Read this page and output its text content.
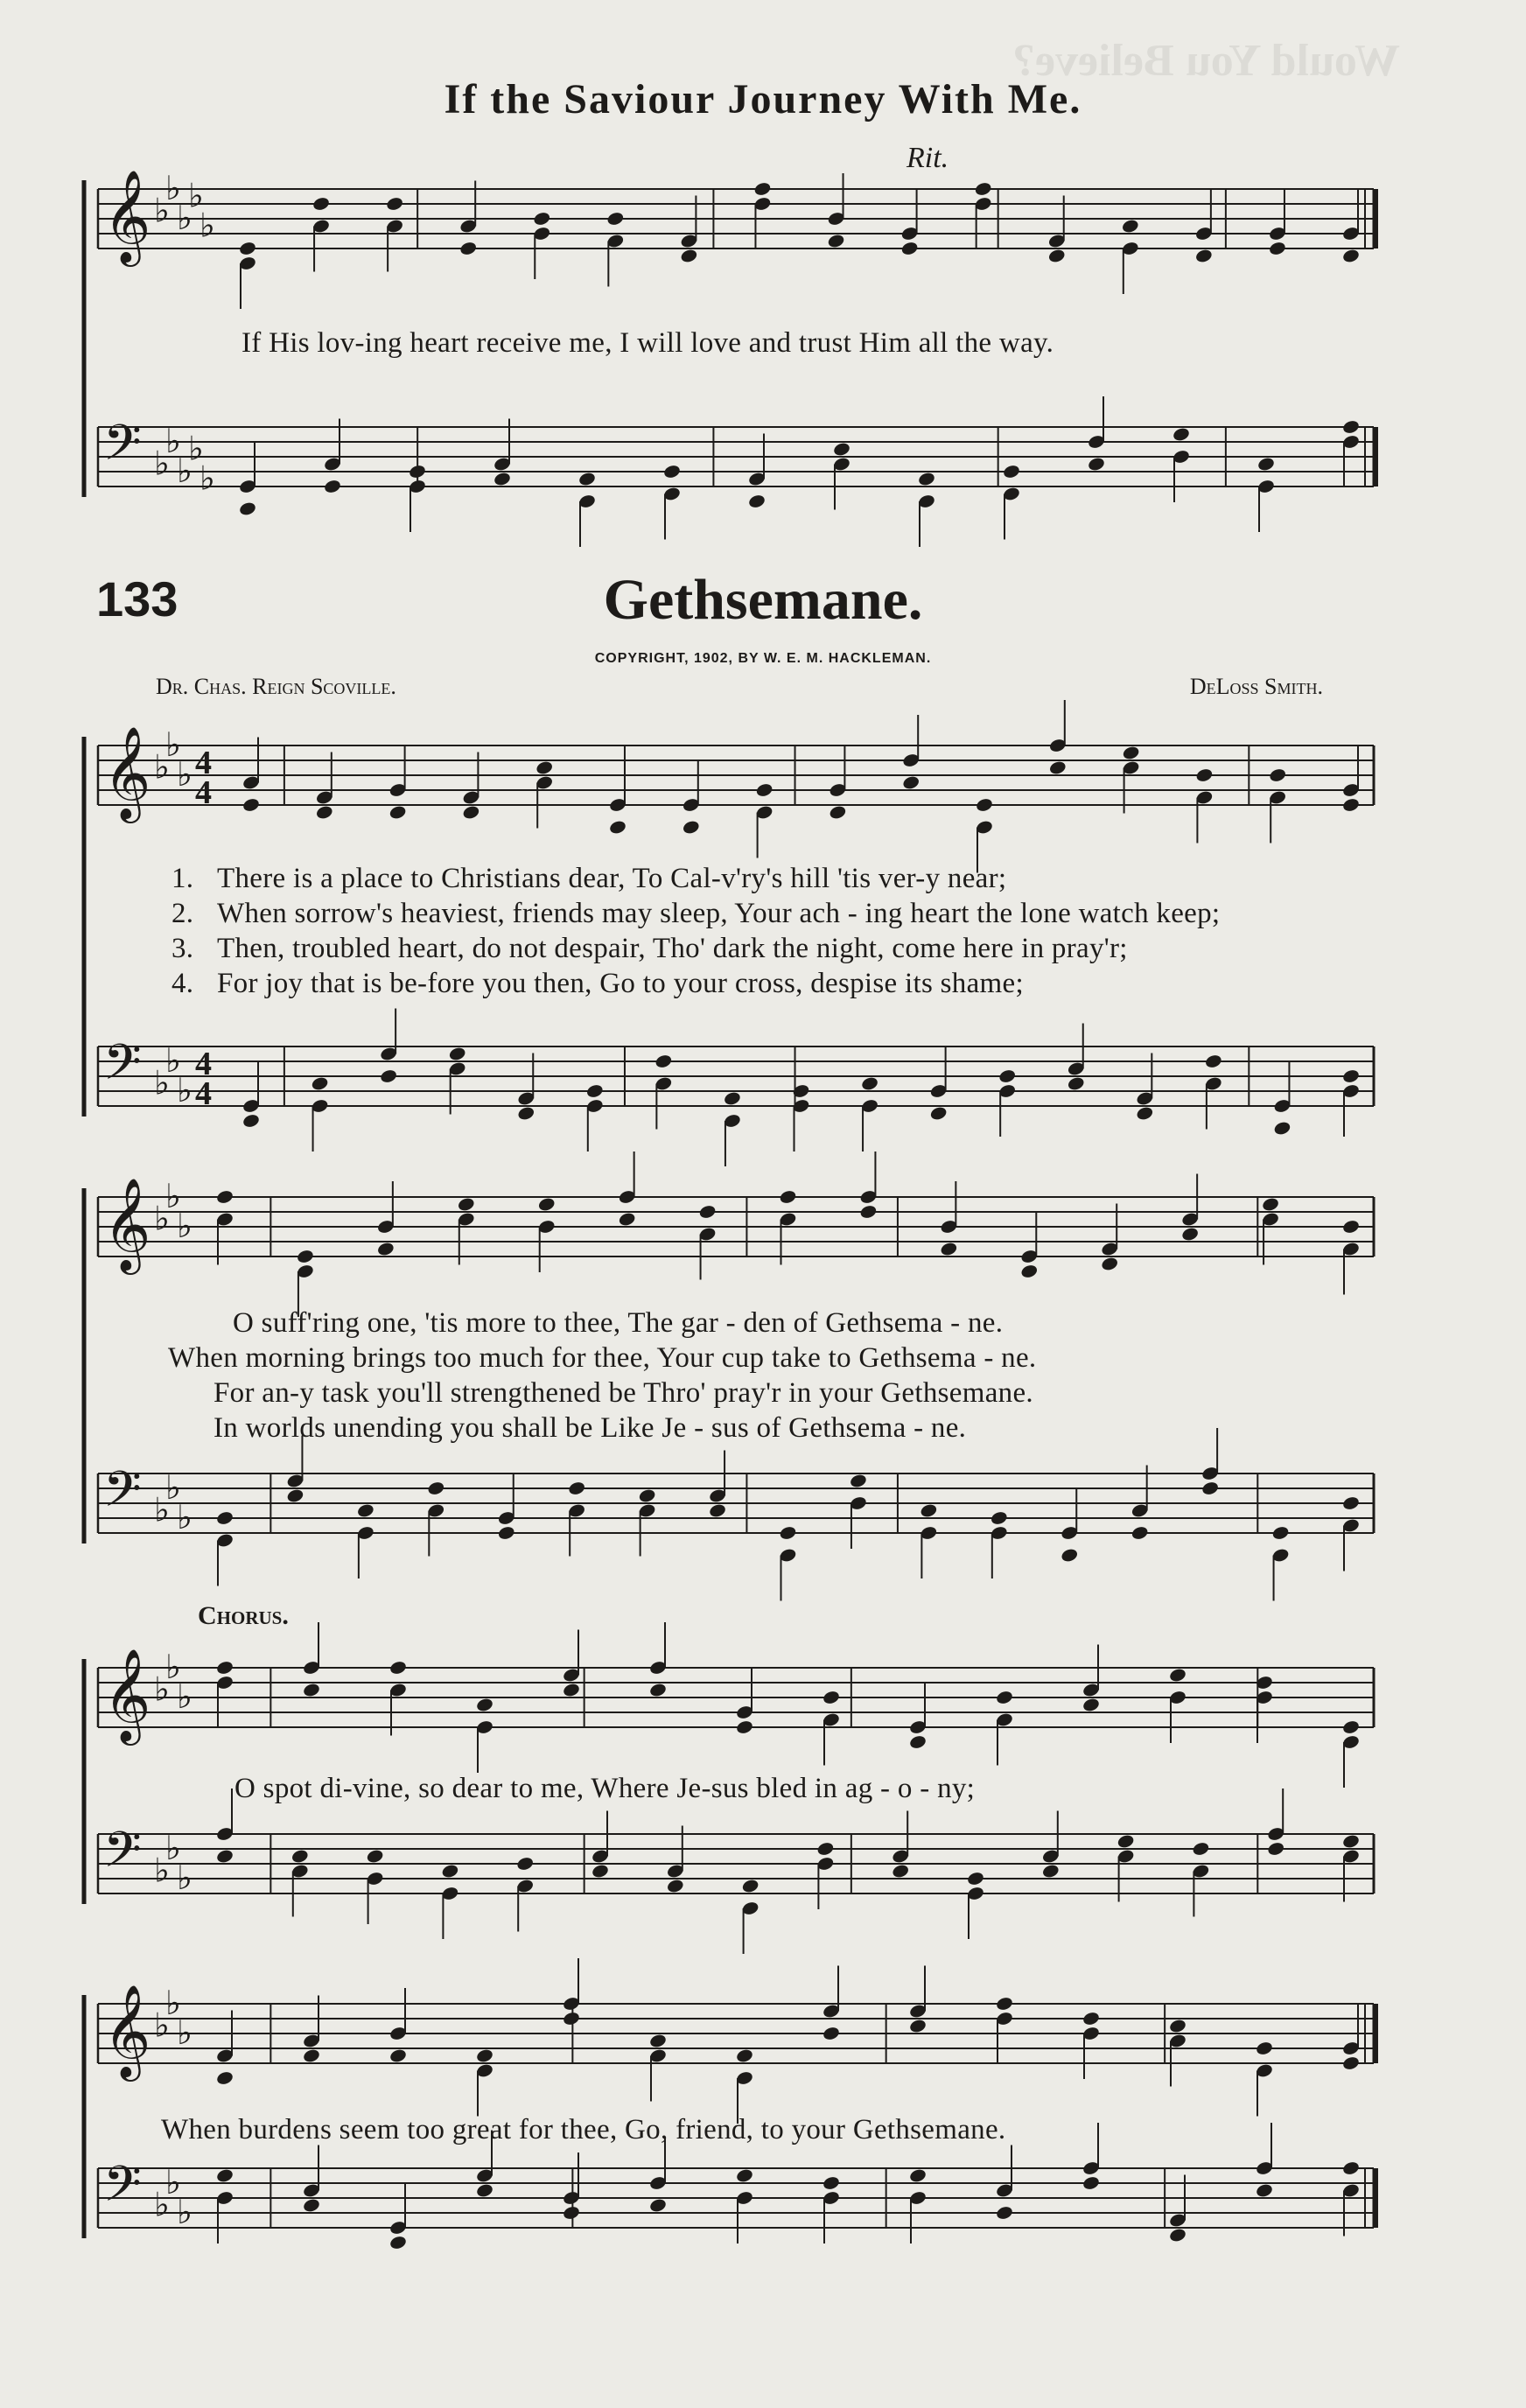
Would You Believe?
𝄞 ♭
♭
♭
♭
♭
𝄢 ♭
♭
♭
♭
♭
𝄞 ♭
♭
♭ 4
4
𝄢 ♭
♭
♭
4
4
𝄞 ♭
♭
♭
𝄢 ♭
♭
♭
𝄞 ♭
♭
♭
𝄢 ♭
♭
♭
𝄞 ♭
♭
♭
𝄢 ♭
♭
♭
If the Saviour Journey With Me.
Rit.
If His lov-ing heart receive me, I will love and trust Him all the way.
133	Gethsemane.
COPYRIGHT, 1902, BY W. E. M. HACKLEMAN.
Dr. Chas. Reign Scoville.	DeLoss Smith.
1. There is a place to Christians dear, To Cal-v'ry's hill 'tis ver-y near;
2. When sorrow's heaviest, friends may sleep, Your ach - ing heart the lone watch keep;
3. Then, troubled heart, do not despair, Tho' dark the night, come here in pray'r;
4. For joy that is be-fore you then, Go to your cross, despise its shame;
O suff'ring one, 'tis more to thee, The gar - den of Gethsema - ne.
When morning brings too much for thee, Your cup take to Gethsema - ne.
For an-y task you'll strengthened be Thro' pray'r in your Gethsemane.
In worlds unending you shall be Like Je - sus of Gethsema - ne.
Chorus.
O spot di-vine, so dear to me, Where Je-sus bled in ag - o - ny;
When burdens seem too great for thee, Go, friend, to your Gethsemane.
